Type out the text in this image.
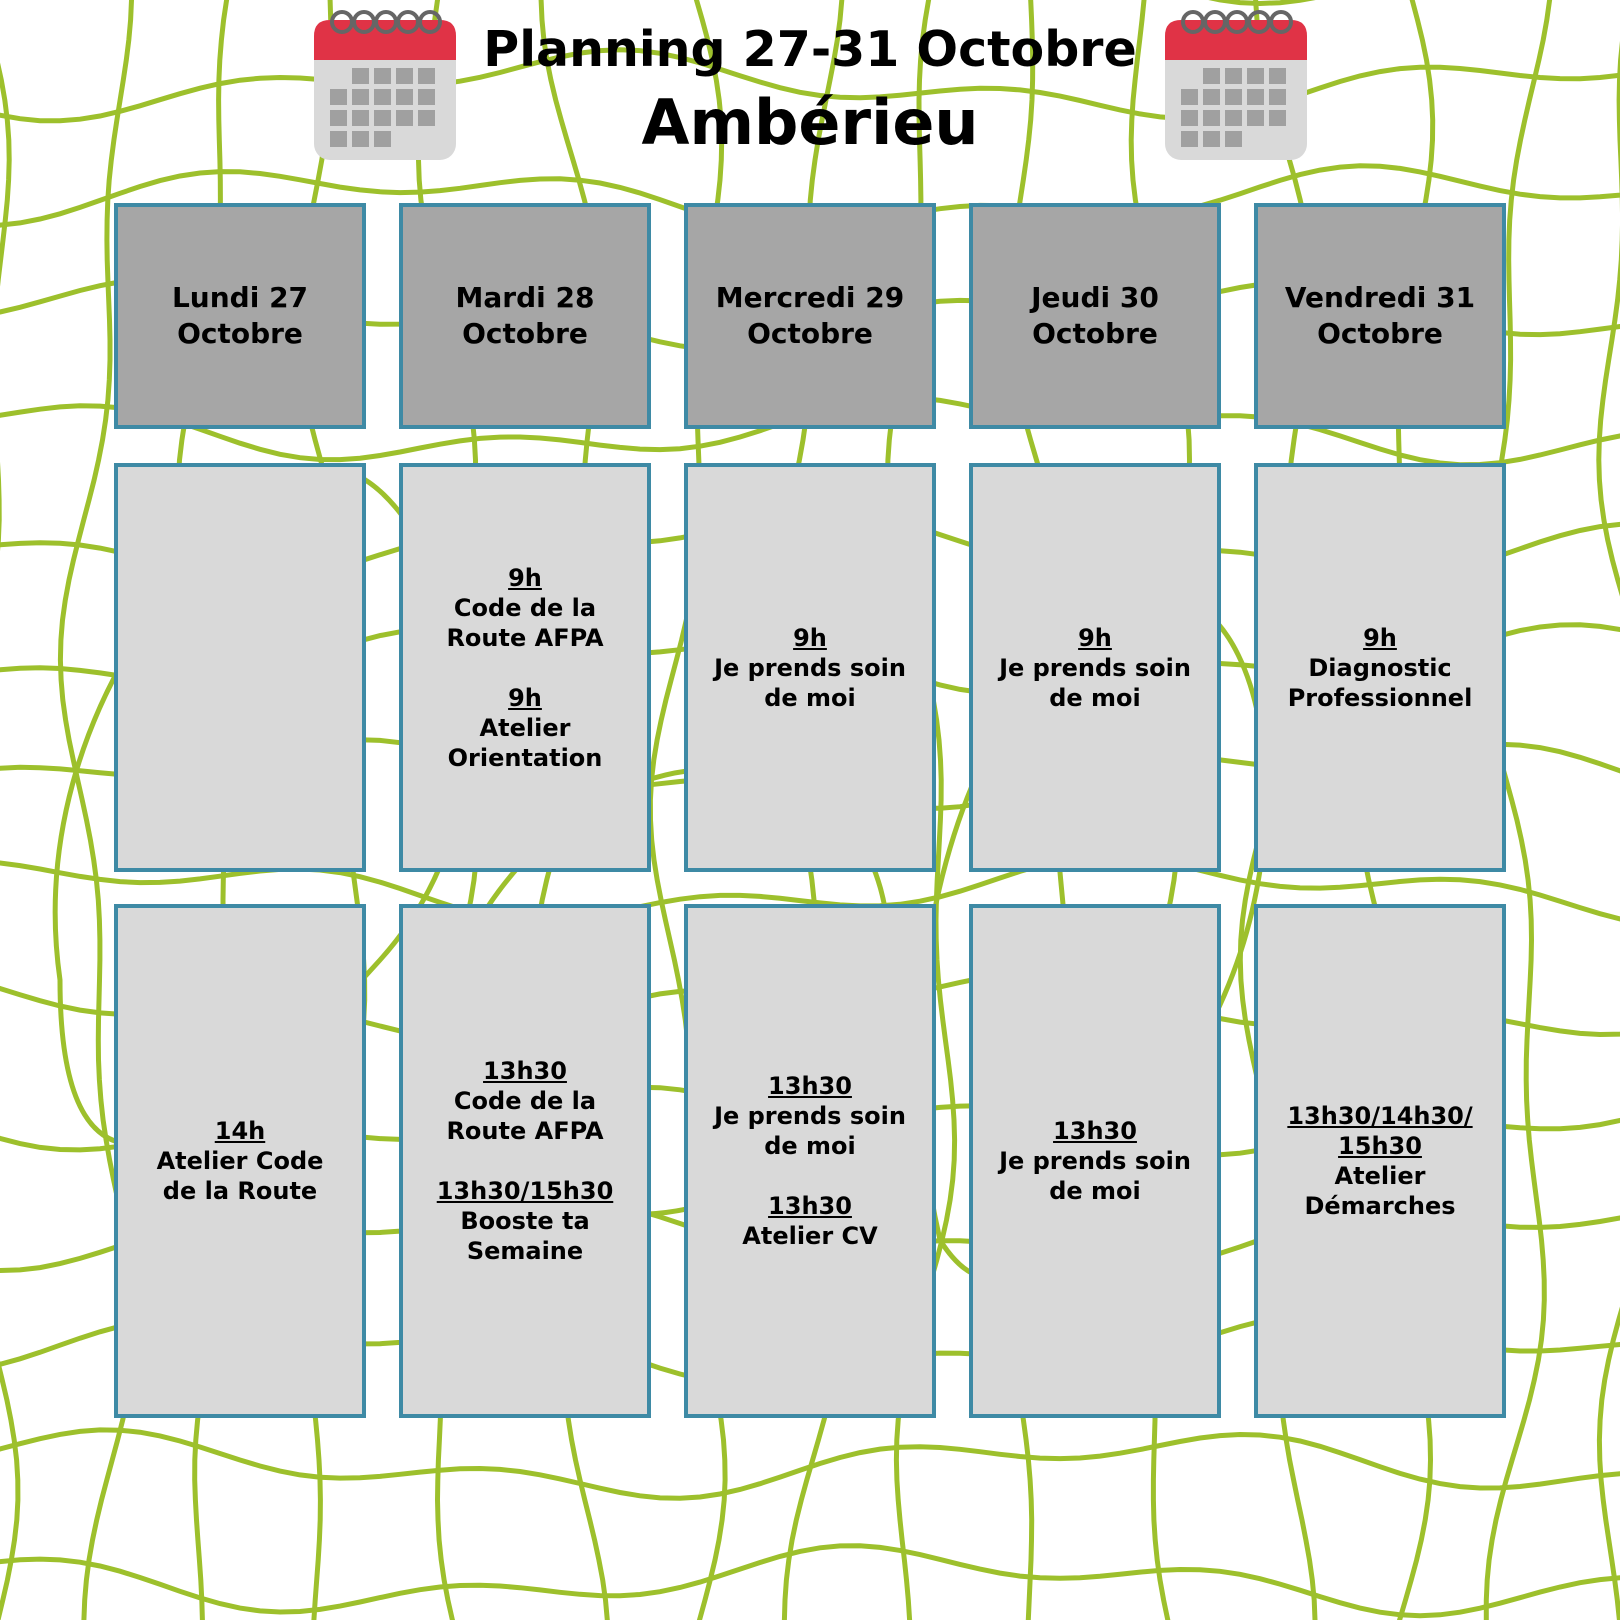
Planning 27-31 Octobre
Ambérieu
Lundi 27
Octobre
14h
Atelier Code
de la Route
Mardi 28
Octobre
9h
Code de la
Route AFPA
9h
Atelier
Orientation
13h30
Code de la
Route AFPA
13h30/15h30
Booste ta
Semaine
Mercredi 29
Octobre
9h
Je prends soin
de moi
13h30
Je prends soin
de moi
13h30
Atelier CV
Jeudi 30
Octobre
9h
Je prends soin
de moi
13h30
Je prends soin
de moi
Vendredi 31
Octobre
9h
Diagnostic
Professionnel
13h30/14h30/
15h30
Atelier
Démarches
